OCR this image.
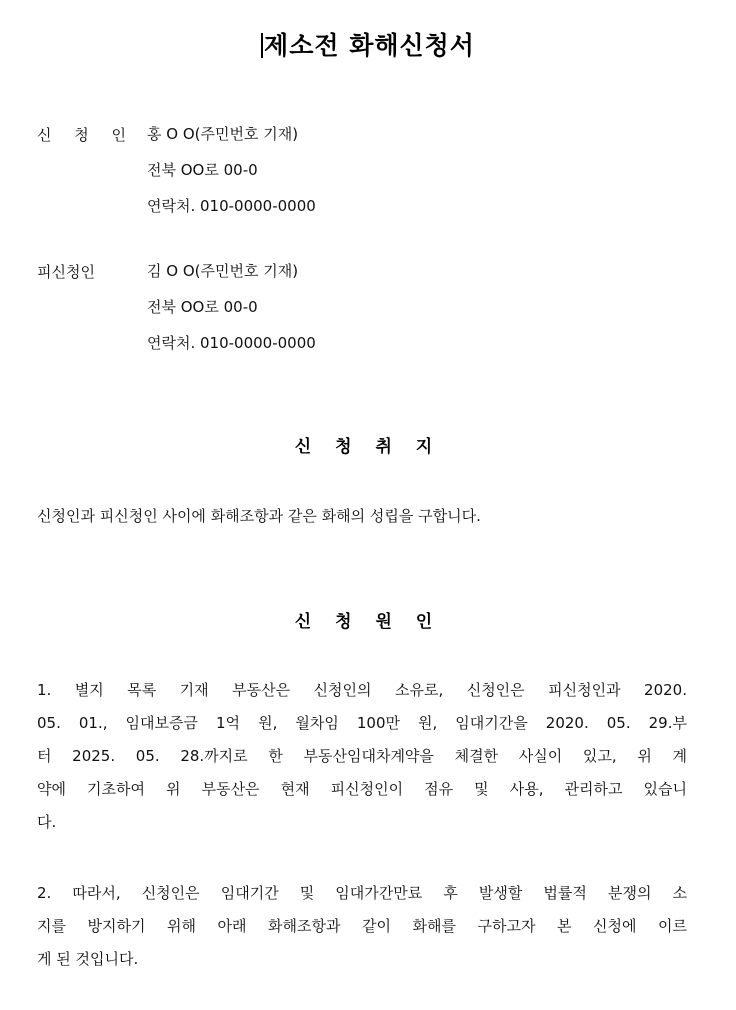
제소전 화해신청서
신 청 인 홍 O O(주민번호 기재)
전북 OO로 00-0
연락처. 010-0000-0000
피신청인	김 O O(주민번호 기재)
전북 OO로 00-0
연락처. 010-0000-0000
신 청 취 지

신청인과 피신청인 사이에 화해조항과 같은 화해의 성립을 구합니다.

신 청 원 인
1. 별지 목록 기재 부동산은 신청인의 소유로, 신청인은 피신청인과 2020.
05. 01., 임대보증금 1억 원, 월차임 100만 원, 임대기간을 2020. 05. 29.부
터 2025. 05. 28.까지로 한 부동산임대차계약을 체결한 사실이 있고, 위 계
약에 기초하여 위 부동산은 현재 피신청인이 점유 및 사용, 관리하고 있습니
다.
2. 따라서, 신청인은 임대기간 및 임대가간만료 후 발생할 법률적 분쟁의 소
지를 방지하기 위해 아래 화해조항과 같이 화해를 구하고자 본 신청에 이르
게 된 것입니다.
